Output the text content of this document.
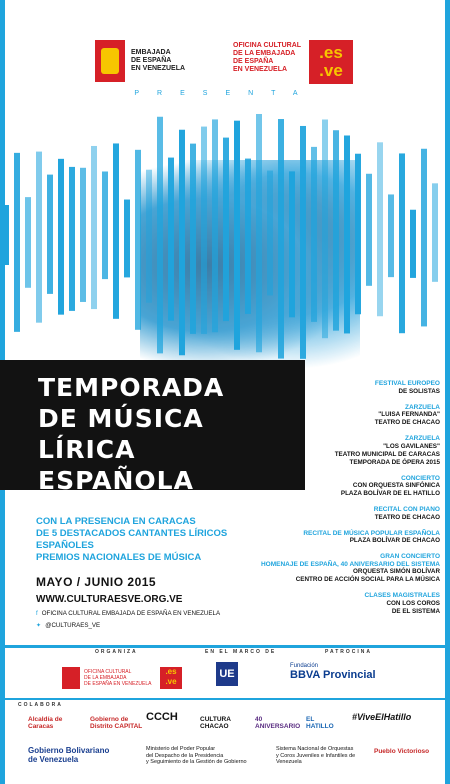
EMBAJADA
DE ESPAÑA
EN VENEZUELA
OFICINA CULTURAL
DE LA EMBAJADA
DE ESPAÑA
EN VENEZUELA
.es
.ve
PRESENTA
TEMPORADA
DE MÚSICA LÍRICA
ESPAÑOLA
CON LA PRESENCIA EN CARACAS
DE 5 DESTACADOS CANTANTES LÍRICOS ESPAÑOLES
PREMIOS NACIONALES DE MÚSICA
MAYO / JUNIO 2015
WWW.CULTURAESVE.ORG.VE
f OFICINA CULTURAL EMBAJADA DE ESPAÑA EN VENEZUELA
✦ @CULTURAES_VE
FESTIVAL EUROPEO
DE SOLISTAS
ZARZUELA
"LUISA FERNANDA"
TEATRO DE CHACAO
ZARZUELA
"LOS GAVILANES"
TEATRO MUNICIPAL DE CARACAS
TEMPORADA DE ÓPERA 2015
CONCIERTO
CON ORQUESTA SINFÓNICA
PLAZA BOLÍVAR DE EL HATILLO
RECITAL CON PIANO
TEATRO DE CHACAO
RECITAL DE MÚSICA POPULAR ESPAÑOLA
PLAZA BOLÍVAR DE CHACAO
GRAN CONCIERTO
HOMENAJE DE ESPAÑA, 40 ANIVERSARIO DEL SISTEMA
ORQUESTA SIMÓN BOLÍVAR
CENTRO DE ACCIÓN SOCIAL PARA LA MÚSICA
CLASES MAGISTRALES
CON LOS COROS
DE EL SISTEMA
ORGANIZA	EN EL MARCO DE	PATROCINA
OFICINA CULTURAL
DE LA EMBAJADA
DE ESPAÑA EN VENEZUELA
.es
.ve
UE
Fundación
BBVA Provincial
COLABORA
Alcaldía de Caracas
Gobierno de Distrito CAPITAL
CCCH	CULTURA CHACAO
40 ANIVERSARIO
EL HATILLO
#ViveElHatillo
Pueblo Victorioso
Gobierno Bolivariano
de Venezuela
Ministerio del Poder Popular
del Despacho de la Presidencia
y Seguimiento de la Gestión de Gobierno
Sistema Nacional de Orquestas
y Coros Juveniles e Infantiles de Venezuela
